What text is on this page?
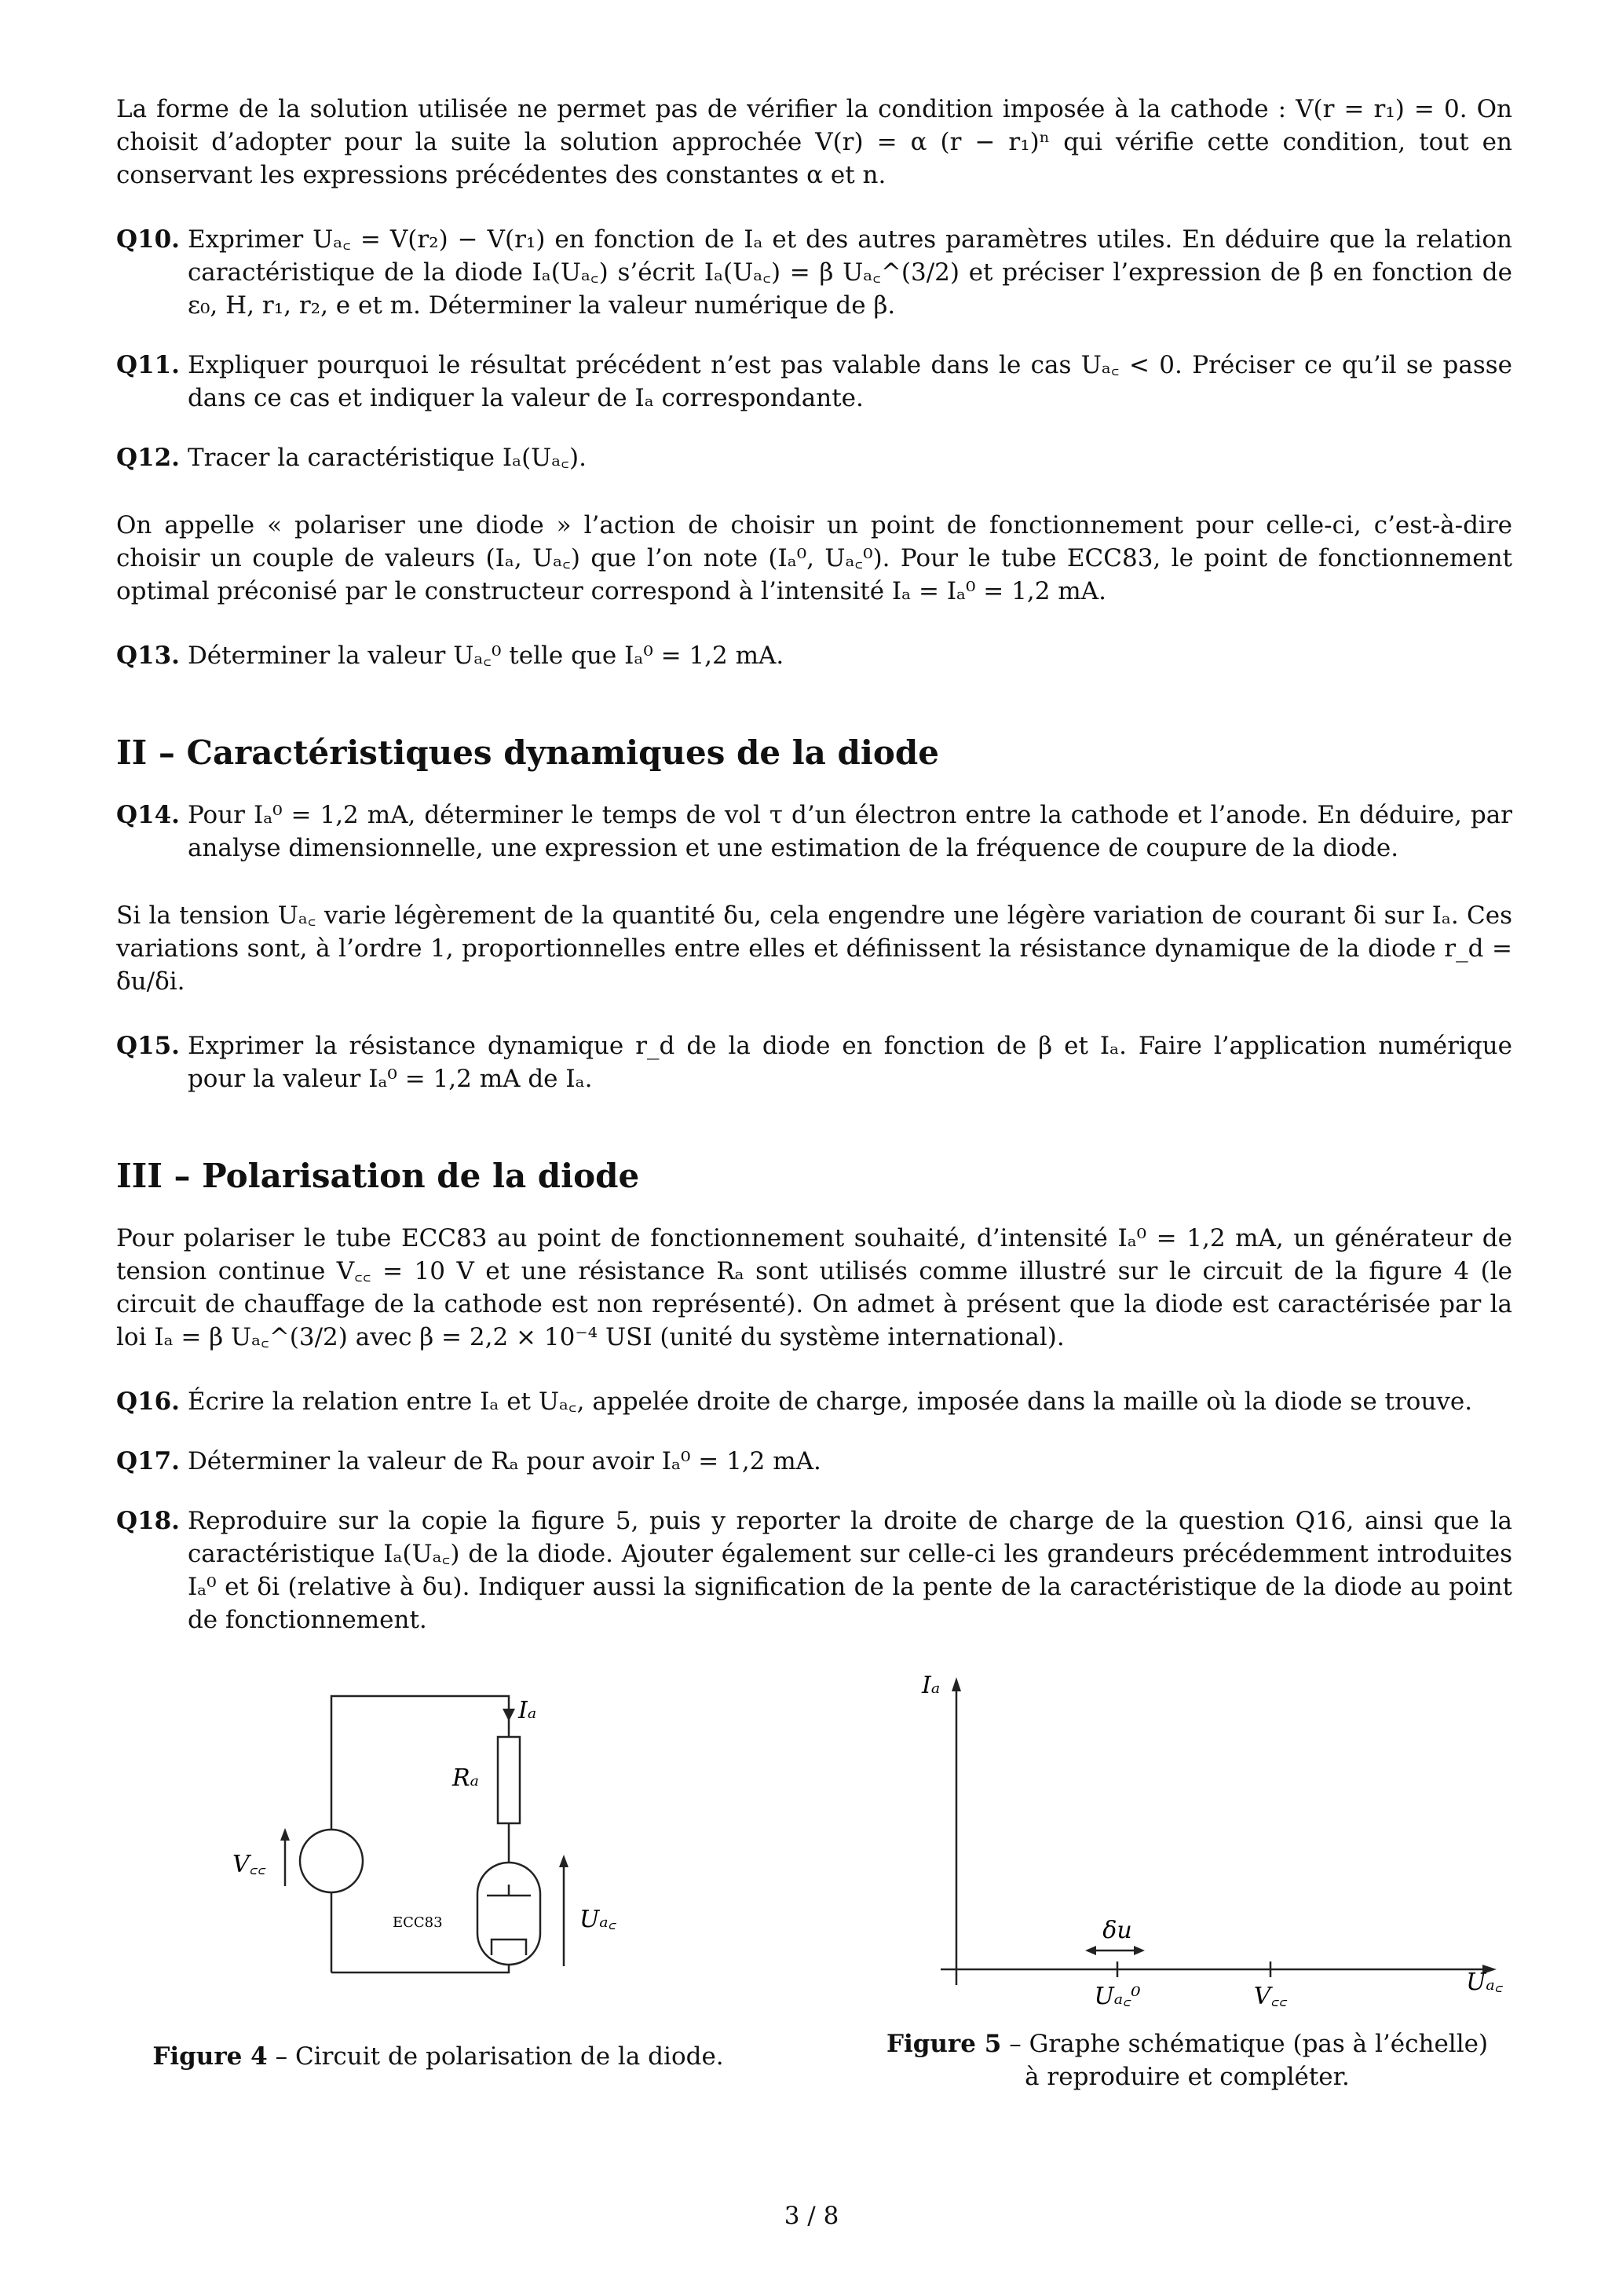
La forme de la solution utilisée ne permet pas de vérifier la condition imposée à la cathode : V(r = r₁) = 0. On choisit d’adopter pour la suite la solution approchée V(r) = α (r − r₁)ⁿ qui vérifie cette condition, tout en conservant les expressions précédentes des constantes α et n.

Q10. Exprimer Uₐ꜀ = V(r₂) − V(r₁) en fonction de Iₐ et des autres paramètres utiles. En déduire que la relation caractéristique de la diode Iₐ(Uₐ꜀) s’écrit Iₐ(Uₐ꜀) = β Uₐ꜀^(3/2) et préciser l’expression de β en fonction de ε₀, H, r₁, r₂, e et m. Déterminer la valeur numérique de β.
Q11. Expliquer pourquoi le résultat précédent n’est pas valable dans le cas Uₐ꜀ < 0. Préciser ce qu’il se passe dans ce cas et indiquer la valeur de Iₐ correspondante.
Q12. Tracer la caractéristique Iₐ(Uₐ꜀).

On appelle « polariser une diode » l’action de choisir un point de fonctionnement pour celle-ci, c’est-à-dire choisir un couple de valeurs (Iₐ, Uₐ꜀) que l’on note (Iₐ⁰, Uₐ꜀⁰). Pour le tube ECC83, le point de fonctionnement optimal préconisé par le constructeur correspond à l’intensité Iₐ = Iₐ⁰ = 1,2 mA.

Q13. Déterminer la valeur Uₐ꜀⁰ telle que Iₐ⁰ = 1,2 mA.
II – Caractéristiques dynamiques de la diode
Q14. Pour Iₐ⁰ = 1,2 mA, déterminer le temps de vol τ d’un électron entre la cathode et l’anode. En déduire, par analyse dimensionnelle, une expression et une estimation de la fréquence de coupure de la diode.

Si la tension Uₐ꜀ varie légèrement de la quantité δu, cela engendre une légère variation de courant δi sur Iₐ. Ces variations sont, à l’ordre 1, proportionnelles entre elles et définissent la résistance dynamique de la diode r_d = δu/δi.

Q15. Exprimer la résistance dynamique r_d de la diode en fonction de β et Iₐ. Faire l’application numérique pour la valeur Iₐ⁰ = 1,2 mA de Iₐ.
III – Polarisation de la diode

Pour polariser le tube ECC83 au point de fonctionnement souhaité, d’intensité Iₐ⁰ = 1,2 mA, un générateur de tension continue V꜀꜀ = 10 V et une résistance Rₐ sont utilisés comme illustré sur le circuit de la figure 4 (le circuit de chauffage de la cathode est non représenté). On admet à présent que la diode est caractérisée par la loi Iₐ = β Uₐ꜀^(3/2) avec β = 2,2 × 10⁻⁴ USI (unité du système international).

Q16. Écrire la relation entre Iₐ et Uₐ꜀, appelée droite de charge, imposée dans la maille où la diode se trouve.
Q17. Déterminer la valeur de Rₐ pour avoir Iₐ⁰ = 1,2 mA.
Q18. Reproduire sur la copie la figure 5, puis y reporter la droite de charge de la question Q16, ainsi que la caractéristique Iₐ(Uₐ꜀) de la diode. Ajouter également sur celle-ci les grandeurs précédemment introduites Iₐ⁰ et δi (relative à δu). Indiquer aussi la signification de la pente de la caractéristique de la diode au point de fonctionnement.
Iₐ
Rₐ
V꜀꜀
ECC83	Uₐ꜀
Figure 4 – Circuit de polarisation de la diode.
Iₐ
Uₐ꜀
δu
Uₐ꜀⁰	V꜀꜀
Figure 5 – Graphe schématique (pas à l’échelle)
à reproduire et compléter.
3 / 8
